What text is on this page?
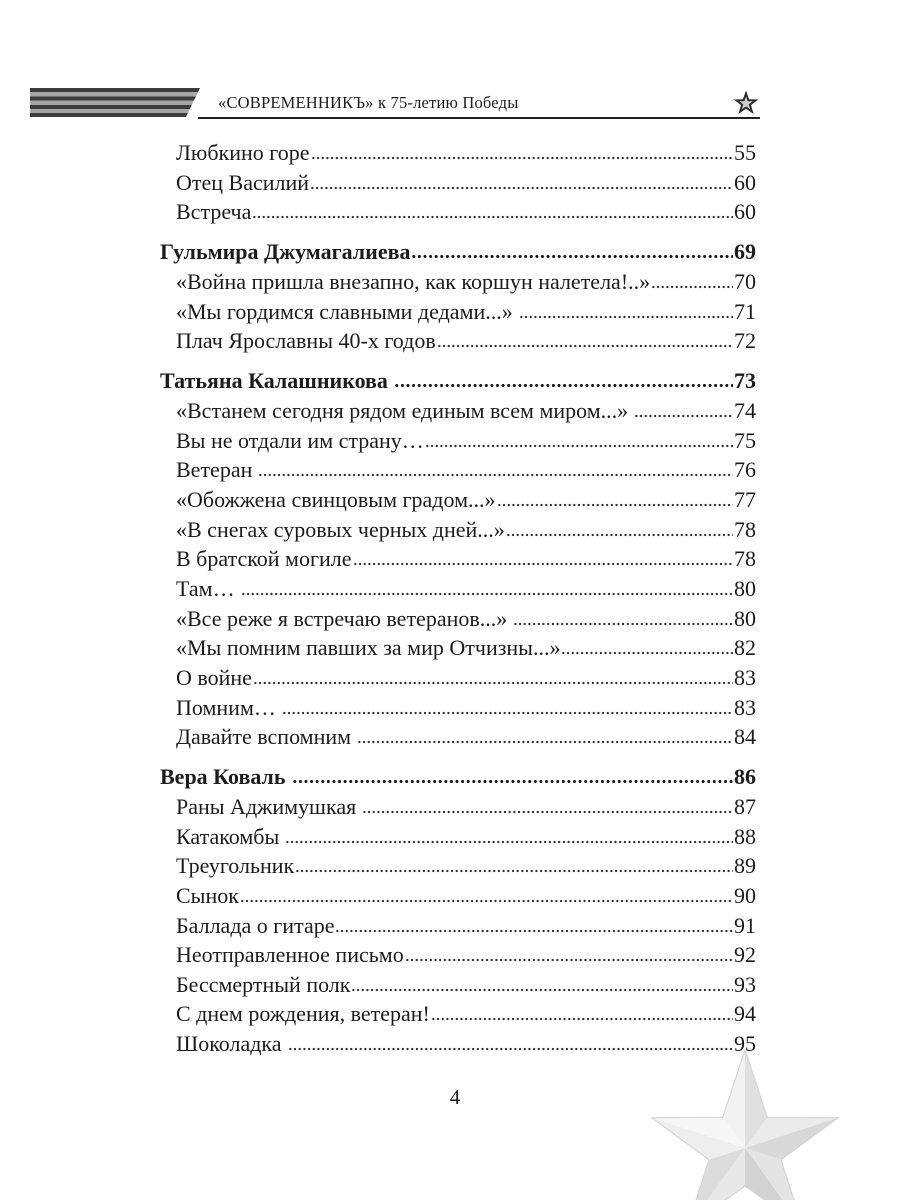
«СОВРЕМЕННИКЪ» к 75-летию Победы
Любкино горе	55
Отец Василий	60
Встреча	60
Гульмира Джумагалиева	69
«Война пришла внезапно, как коршун налетела!..»	70
«Мы гордимся славными дедами...»	71
Плач Ярославны 40-х годов	72
Татьяна Калашникова	73
«Встанем сегодня рядом единым всем миром...»	74
Вы не отдали им страну…	75
Ветеран	76
«Обожжена свинцовым градом...»	77
«В снегах суровых черных дней...»	78
В братской могиле	78
Там…	80
«Все реже я встречаю ветеранов...»	80
«Мы помним павших за мир Отчизны...»	82
О войне	83
Помним…	83
Давайте вспомним	84
Вера Коваль	86
Раны Аджимушкая	87
Катакомбы	88
Треугольник	89
Сынок	90
Баллада о гитаре	91
Неотправленное письмо	92
Бессмертный полк	93
С днем рождения, ветеран!	94
Шоколадка	95
4
